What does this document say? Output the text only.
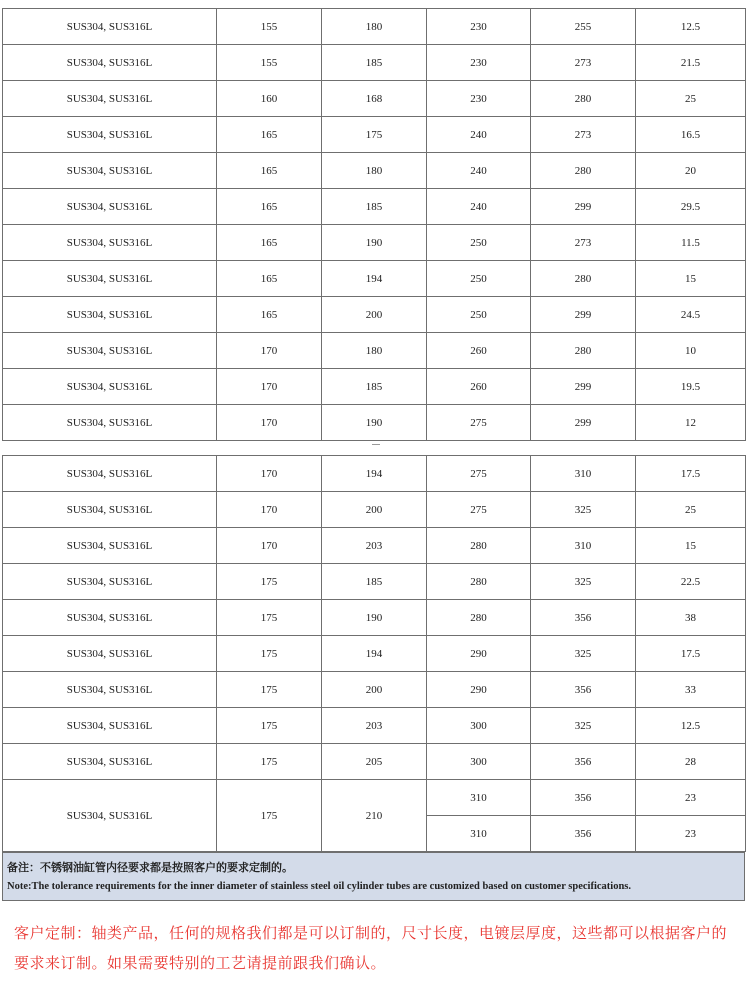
SUS304, SUS316L	155	180	230	255	12.5
SUS304, SUS316L	155	185	230	273	21.5
SUS304, SUS316L	160	168	230	280	25
SUS304, SUS316L	165	175	240	273	16.5
SUS304, SUS316L	165	180	240	280	20
SUS304, SUS316L	165	185	240	299	29.5
SUS304, SUS316L	165	190	250	273	11.5
SUS304, SUS316L	165	194	250	280	15
SUS304, SUS316L	165	200	250	299	24.5
SUS304, SUS316L	170	180	260	280	10
SUS304, SUS316L	170	185	260	299	19.5
SUS304, SUS316L	170	190	275	299	12
SUS304, SUS316L	170	194	275	310	17.5
SUS304, SUS316L	170	200	275	325	25
SUS304, SUS316L	170	203	280	310	15
SUS304, SUS316L	175	185	280	325	22.5
SUS304, SUS316L	175	190	280	356	38
SUS304, SUS316L	175	194	290	325	17.5
SUS304, SUS316L	175	200	290	356	33
SUS304, SUS316L	175	203	300	325	12.5
SUS304, SUS316L	175	205	300	356	28
SUS304, SUS316L	175	210	310	356	23
			310	356	23
备注：不锈钢油缸管内径要求都是按照客户的要求定制的。
Note:The tolerance requirements for the inner diameter of stainless steel oil cylinder tubes are customized based on customer specifications.
客户定制：轴类产品，任何的规格我们都是可以订制的，尺寸长度，电镀层厚度，这些都可以根据客户的要求来订制。如果需要特别的工艺请提前跟我们确认。
